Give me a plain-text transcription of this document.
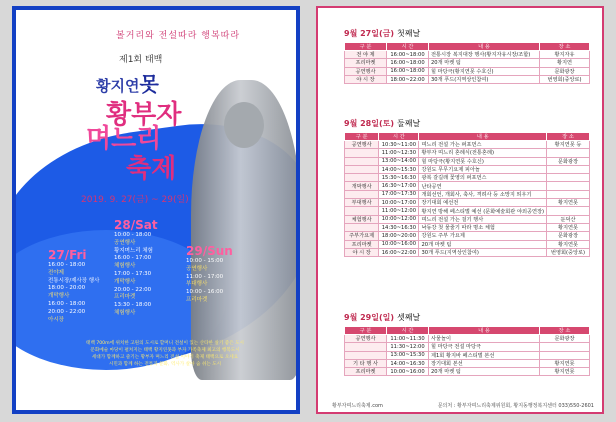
볼거리와 전설따라 행복따라
제1회 태백
황지연못
황부자
며느리
축제
2019. 9. 27(금) ~ 29(일)
27/Fri
16:00 - 18:00
전야제
전통시장/제사장 행사
18:00 - 20:00
개막행사
16:00 - 18:00
20:00 - 22:00
아시장
28/Sat
10:00 - 18:00
공연행사
황지며느리 체험
16:00 - 17:00
체험행사
17:00 - 17:30
개막행사
20:00 - 22:00
프리마켓
13:30 - 18:00
체험행사
29/Sun
10:00 - 15:00
공연행사
11:00 - 17:00
부대행사
10:00 - 16:00
프리마켓
태백 700m에 위치한 고원의 도시로 할머니 전설이 있는 산타한 살기 좋은 도시
문화예술 마당이 펼쳐지는 태백 황지연못과 부자 가족축제 최고의 행복도시
세대가 함께하고 즐기는 황부자 며느리 전설 이야기 축제 태백으로 오세요
시민과 함께 하는 전통과 문화, 역사가 살아 숨 쉬는 도시
주최 · 주관 : 황부자 며느리 축제위원회 후원 : 태백시 · 강원랜드
9월 27일(금) 첫째날
구 분	시 간	내 용	장 소
전 야 제	16:00~18:00	전통시장 복지대장 행사(황지자유시장/조합)	황지자유
프리마켓	16:00~18:00	20개 마켓 팀	황지연
공연행사	16:00~18:00	힐 마당극(황지연못 수호신)	문화광장
야 시 장	18:00~22:00	30개 푸드(지역상인참여)	번영회(중앙로)
9월 28일(토) 둘째날
구 분	시 간	내 용	장 소
공연행사	10:30~11:00	며느리 전설 가는 퍼포먼스	황지연못 등
	11:00~12:30	황부자 며느리 혼례식(전통혼례)	
	13:00~14:00	힐 마당극(황지연못 수호신)	문화광장
	14:00~15:30	강원도 무무기요제 피아놀	
	15:30~16:30	광복 갈길래 꽃영의 퍼포먼스	
개막행사	16:30~17:00	난타공연	
	17:00~17:30	개회선언, 개회사, 축사, 격려사 등 소망지 띄우기	
부대행사	10:00~17:00	장기대회 예선전	황지연못
	11:00~12:00	황지연 방해 페스티벌 예선 (문화예술회관 야외공연장)	
체험행사	10:00~12:00	며느리 전설 가는 걸기 행사	둔덕산
	14:30~16:30	낙동강 첫 물줄기 따라 명소 체험	황지연못
주부가요제	18:00~20:00	강원도 주부 가요제	문화광장
프리마켓	10:00~16:00	20개 마켓 팀	황지연못
야 시 장	16:00~22:00	30개 푸드(지역상인참여)	번영회(중앙로)
9월 29일(일) 셋째날
구 분	시 간	내 용	장 소
공연행사	11:00~11:30	사물놀이	문화광장
	11:30~12:00	힐 마당극 전설 마당극	
	13:00~15:30	제1회 황지바 페스티벌 본선	
기 타 행 사	14:00~16:30	장기대회 본선	황지연못
프리마켓	10:00~16:00	20개 마켓 팀	황지연못
황부자며느리축제.com	문의처 : 황부자며느리축제위원회, 황지동행정복지센터 033)550-2601
